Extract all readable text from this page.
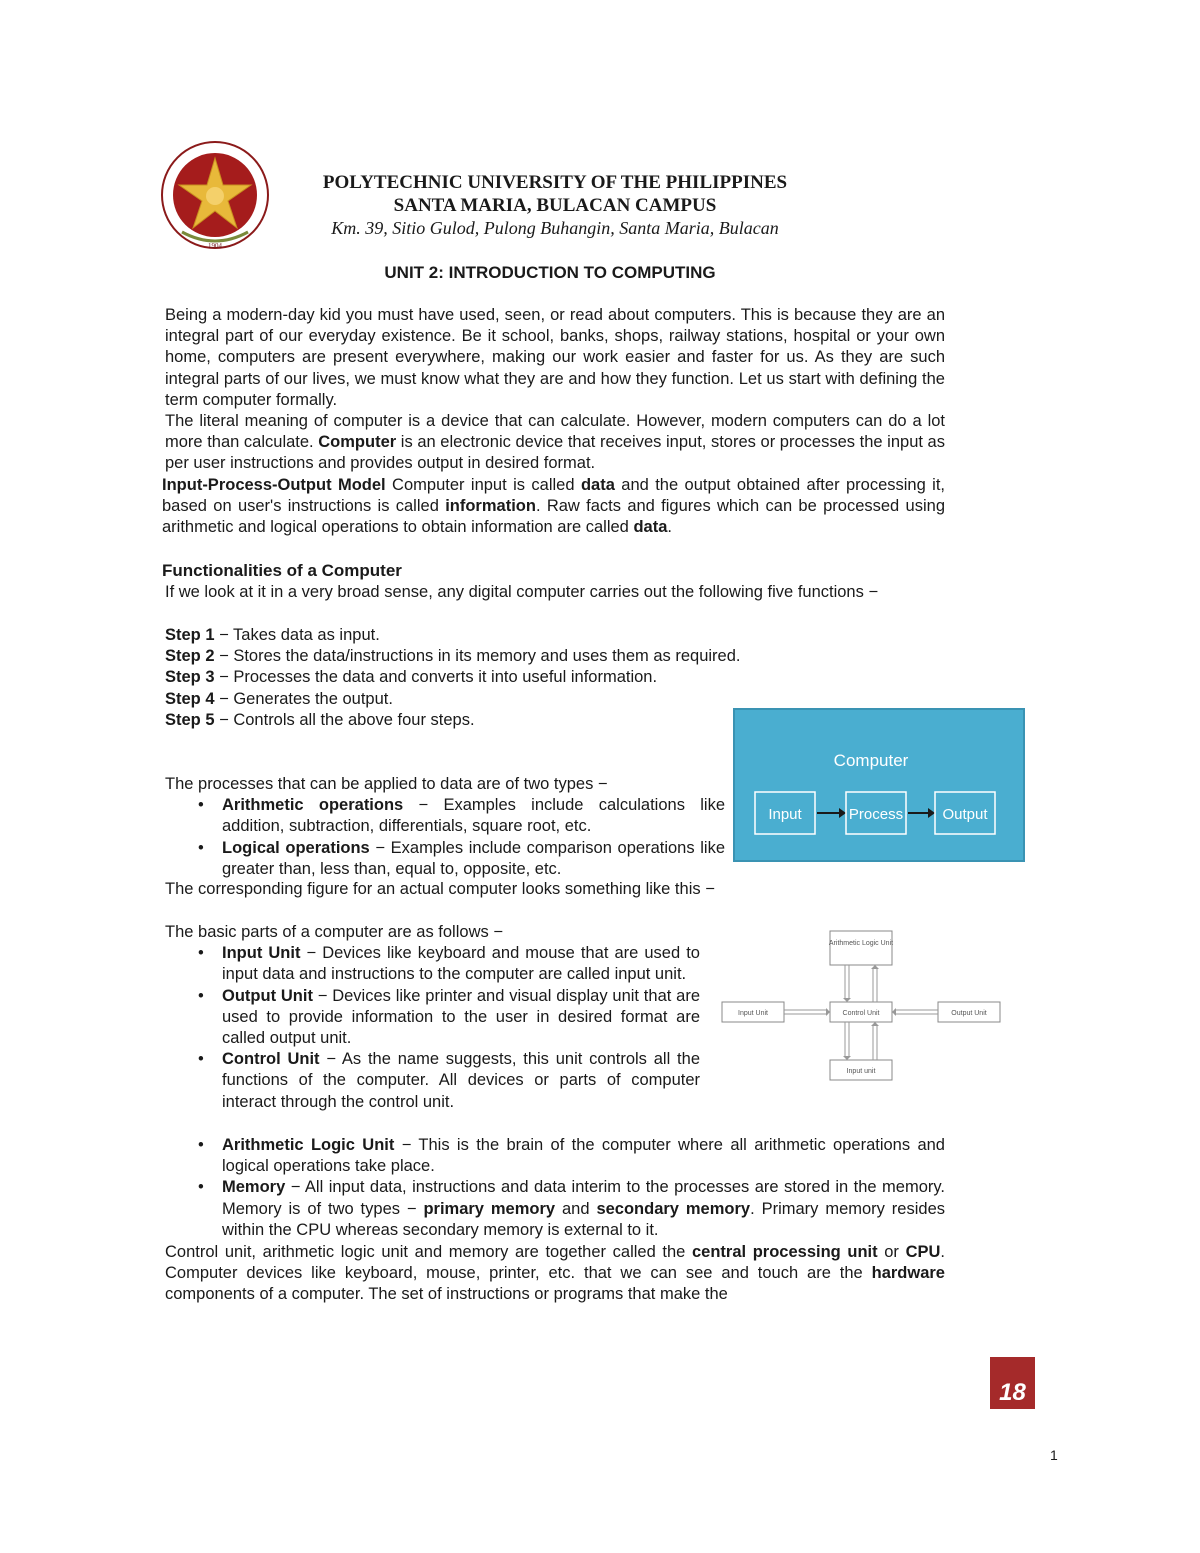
1904
POLYTECHNIC UNIVERSITY OF THE PHILIPPINES
SANTA MARIA, BULACAN CAMPUS
Km. 39, Sitio Gulod, Pulong Buhangin, Santa Maria, Bulacan
UNIT 2: INTRODUCTION TO COMPUTING

Being a modern-day kid you must have used, seen, or read about computers. This is because they are an integral part of our everyday existence. Be it school, banks, shops, railway stations, hospital or your own home, computers are present everywhere, making our work easier and faster for us. As they are such integral parts of our lives, we must know what they are and how they function. Let us start with defining the term computer formally.

The literal meaning of computer is a device that can calculate. However, modern computers can do a lot more than calculate. Computer is an electronic device that receives input, stores or processes the input as per user instructions and provides output in desired format.

Input-Process-Output Model Computer input is called data and the output obtained after processing it, based on user's instructions is called information. Raw facts and figures which can be processed using arithmetic and logical operations to obtain information are called data.

Functionalities of a Computer
If we look at it in a very broad sense, any digital computer carries out the following five functions −
Step 1 − Takes data as input.
Step 2 − Stores the data/instructions in its memory and uses them as required.
Step 3 − Processes the data and converts it into useful information.
Step 4 − Generates the output.
Step 5 − Controls all the above four steps.
Computer
Input	Process	Output
The processes that can be applied to data are of two types −
• Arithmetic operations − Examples include calculations like addition, subtraction, differentials, square root, etc.
• Logical operations − Examples include comparison operations like greater than, less than, equal to, opposite, etc.
The corresponding figure for an actual computer looks something like this −
The basic parts of a computer are as follows −
• Input Unit − Devices like keyboard and mouse that are used to input data and instructions to the computer are called input unit.
• Output Unit − Devices like printer and visual display unit that are used to provide information to the user in desired format are called output unit.
• Control Unit − As the name suggests, this unit controls all the functions of the computer. All devices or parts of computer interact through the control unit.
• Arithmetic Logic Unit − This is the brain of the computer where all arithmetic operations and logical operations take place.
• Memory − All input data, instructions and data interim to the processes are stored in the memory. Memory is of two types − primary memory and secondary memory. Primary memory resides within the CPU whereas secondary memory is external to it.
Arithmetic Logic Unit
Control Unit
Input Unit	Output Unit
Input unit
Control unit, arithmetic logic unit and memory are together called the central processing unit or CPU. Computer devices like keyboard, mouse, printer, etc. that we can see and touch are the hardware components of a computer. The set of instructions or programs that make the
18
1
